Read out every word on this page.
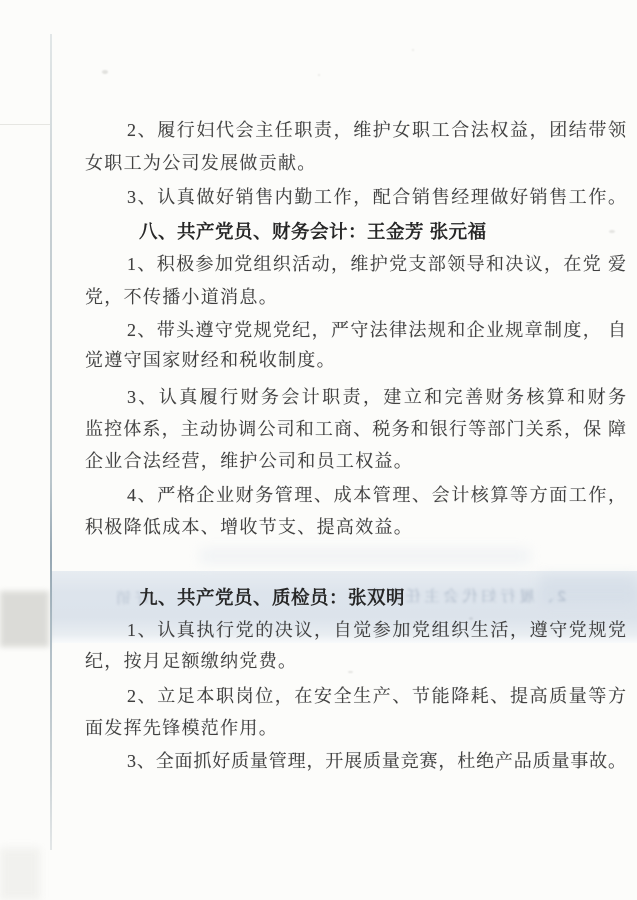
2、履行妇代会主任职责
好销
2、履行妇代会主任职责，维护女职工合法权益，团结带领
女职工为公司发展做贡献。
3、认真做好销售内勤工作，配合销售经理做好销售工作。
八、共产党员、财务会计：王金芳 张元福
1、积极参加党组织活动，维护党支部领导和决议，在党 爱
党，不传播小道消息。
2、带头遵守党规党纪，严守法律法规和企业规章制度， 自
觉遵守国家财经和税收制度。
3、认真履行财务会计职责，建立和完善财务核算和财务
监控体系，主动协调公司和工商、税务和银行等部门关系，保 障
企业合法经营，维护公司和员工权益。
4、严格企业财务管理、成本管理、会计核算等方面工作，
积极降低成本、增收节支、提高效益。
九、共产党员、质检员：张双明
1、认真执行党的决议，自觉参加党组织生活，遵守党规党
纪，按月足额缴纳党费。
2、立足本职岗位，在安全生产、节能降耗、提高质量等方
面发挥先锋模范作用。
3、全面抓好质量管理，开展质量竞赛，杜绝产品质量事故。
